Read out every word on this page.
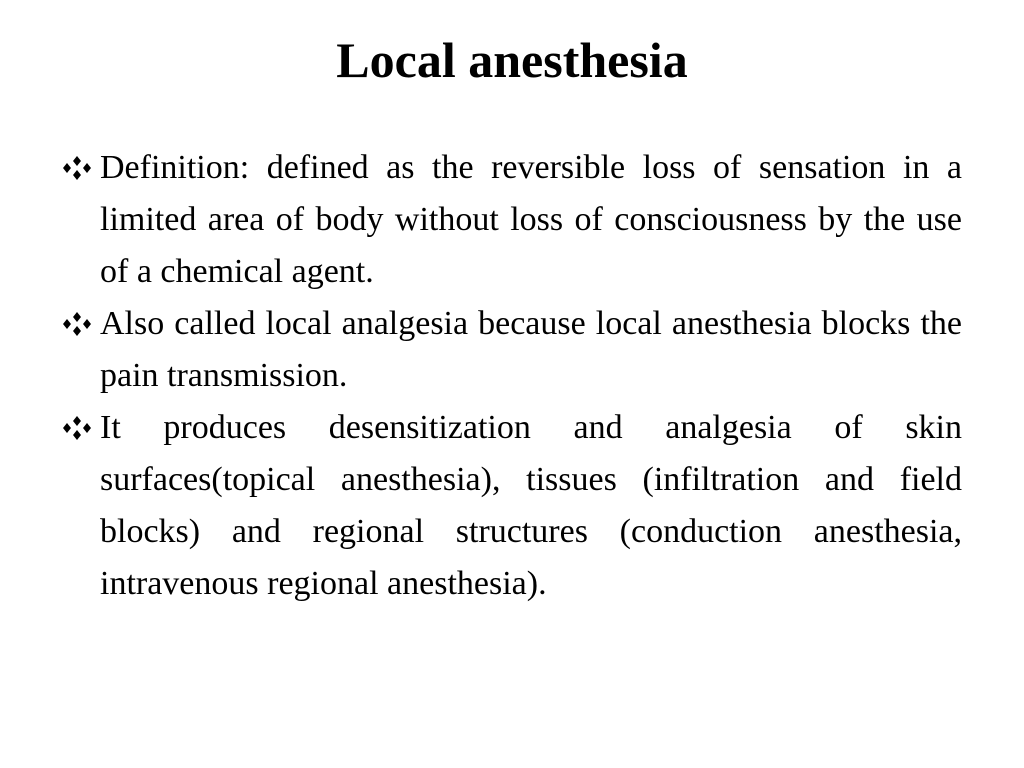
Local anesthesia
Definition: defined as the reversible loss of sensation in a limited area of body without loss of consciousness by the use of a chemical agent.
Also called local analgesia because local anesthesia blocks the pain transmission.
It produces desensitization and analgesia of skin surfaces(topical anesthesia), tissues (infiltration and field blocks) and regional structures (conduction anesthesia, intravenous regional anesthesia).
